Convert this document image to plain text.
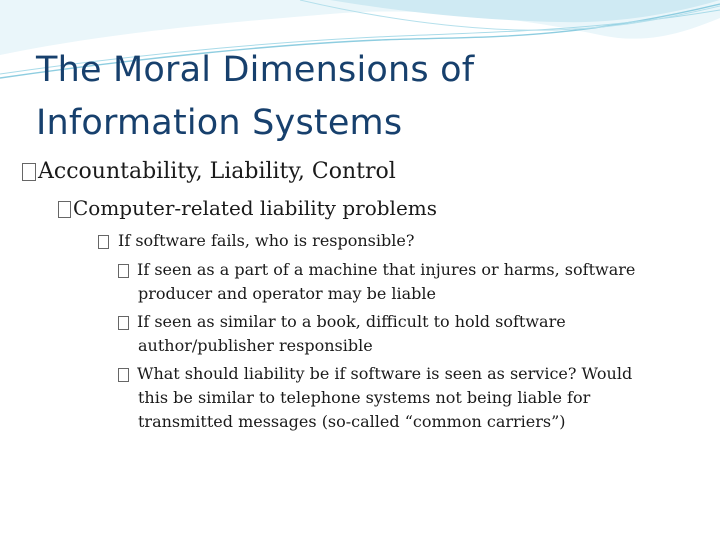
The Moral Dimensions of
Information Systems
Accountability, Liability, Control
Computer-related liability problems
If software fails, who is responsible?
If seen as a part of a machine that injures or harms, software
producer and operator may be liable
If seen as similar to a book, difficult to hold software
author/publisher responsible
What should liability be if software is seen as service? Would
this be similar to telephone systems not being liable for
transmitted messages (so-called “common carriers”)
